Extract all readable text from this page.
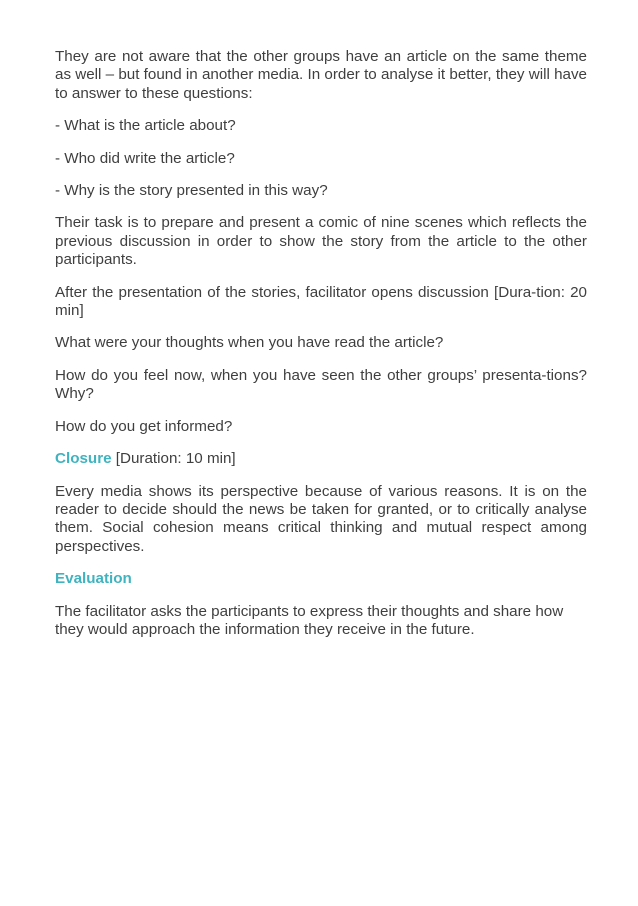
They are not aware that the other groups have an article on the same theme as well – but found in another media. In order to analyse it better, they will have to answer to these questions:

- What is the article about?

- Who did write the article?

- Why is the story presented in this way?

Their task is to prepare and present a comic of nine scenes which reflects the previous discussion in order to show the story from the article to the other participants.

After the presentation of the stories, facilitator opens discussion [Dura-tion: 20 min]

What were your thoughts when you have read the article?

How do you feel now, when you have seen the other groups’ presenta-tions? Why?

How do you get informed?

Closure [Duration: 10 min]

Every media shows its perspective because of various reasons. It is on the reader to decide should the news be taken for granted, or to critically analyse them. Social cohesion means critical thinking and mutual respect among perspectives.

Evaluation

The facilitator asks the participants to express their thoughts and share how they would approach the information they receive in the future.
